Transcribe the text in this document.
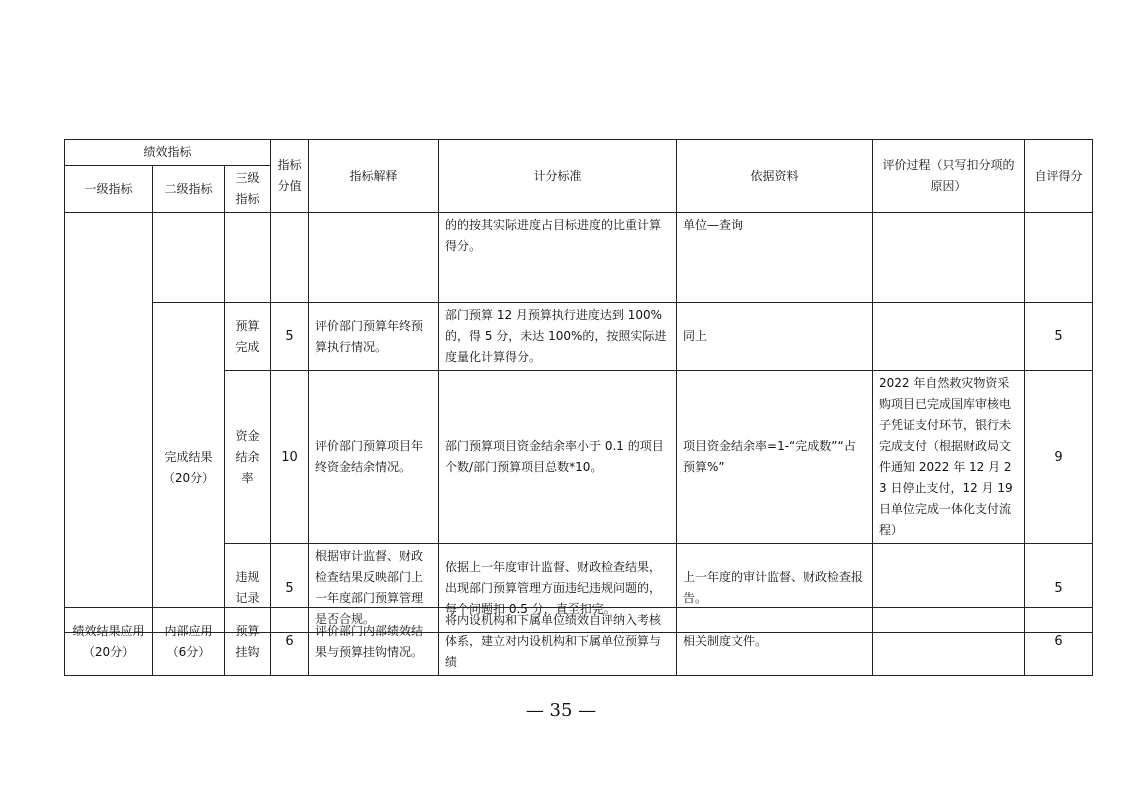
绩效指标			指标分值	指标解释	计分标准	依据资料	评价过程（只写扣分项的原因）	自评得分
一级指标	二级指标	三级指标						
					的的按其实际进度占目标进度的比重计算得分。	单位—查询		
	完成结果（20分）	预算完成	5	评价部门预算年终预算执行情况。	部门预算 12 月预算执行进度达到 100%的，得 5 分，未达 100%的，按照实际进度量化计算得分。	同上		5
		资金结余率	10	评价部门预算项目年终资金结余情况。	部门预算项目资金结余率小于 0.1 的项目个数/部门预算项目总数*10。	项目资金结余率=1-“完成数”“占预算%”	2022 年自然救灾物资采购项目已完成国库审核电子凭证支付环节，银行未完成支付（根据财政局文件通知 2022 年 12 月 23 日停止支付，12 月 19 日单位完成一体化支付流程）	9
		违规记录	5	根据审计监督、财政检查结果反映部门上一年度部门预算管理是否合规。	依据上一年度审计监督、财政检查结果，出现部门预算管理方面违纪违规问题的，每个问题扣 0.5 分，直至扣完。	上一年度的审计监督、财政检查报告。		5
绩效结果应用（20分）	内部应用（6分）	预算挂钩	6	评价部门内部绩效结果与预算挂钩情况。	将内设机构和下属单位绩效自评纳入考核体系，建立对内设机构和下属单位预算与绩	相关制度文件。		6
— 35 —
